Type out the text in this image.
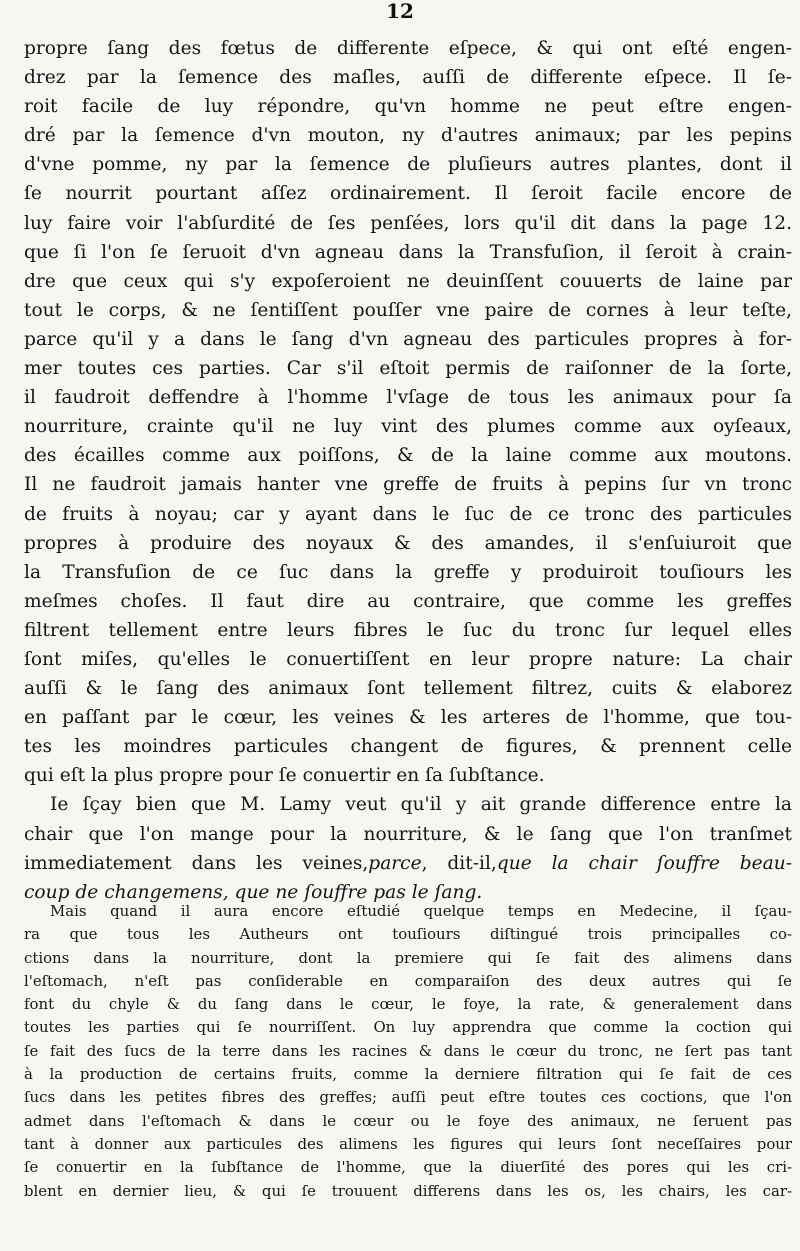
12
propre ſang des fœtus de differente eſpece, & qui ont eſté engen-
drez par la ſemence des maſles, auſſi de differente eſpece. Il ſe-
roit facile de luy répondre, qu'vn homme ne peut eſtre engen-
dré par la ſemence d'vn mouton, ny d'autres animaux; par les pepins
d'vne pomme, ny par la ſemence de pluſieurs autres plantes, dont il
ſe nourrit pourtant aſſez ordinairement. Il ſeroit facile encore de
luy faire voir l'abſurdité de ſes penſées, lors qu'il dit dans la page 12.
que ſi l'on ſe ſeruoit d'vn agneau dans la Transfuſion, il ſeroit à crain-
dre que ceux qui s'y expoſeroient ne deuinſſent couuerts de laine par
tout le corps, & ne ſentiſſent pouſſer vne paire de cornes à leur teſte,
parce qu'il y a dans le ſang d'vn agneau des particules propres à for-
mer toutes ces parties. Car s'il eſtoit permis de raiſonner de la ſorte,
il faudroit deffendre à l'homme l'vſage de tous les animaux pour ſa
nourriture, crainte qu'il ne luy vint des plumes comme aux oyſeaux,
des écailles comme aux poiſſons, & de la laine comme aux moutons.
Il ne faudroit jamais hanter vne greffe de fruits à pepins ſur vn tronc
de fruits à noyau; car y ayant dans le ſuc de ce tronc des particules
propres à produire des noyaux & des amandes, il s'enſuiuroit que
la Transfuſion de ce ſuc dans la greffe y produiroit touſiours les
meſmes choſes. Il faut dire au contraire, que comme les greffes
filtrent tellement entre leurs fibres le ſuc du tronc ſur lequel elles
ſont miſes, qu'elles le conuertiſſent en leur propre nature: La chair
auſſi & le ſang des animaux ſont tellement filtrez, cuits & elaborez
en paſſant par le cœur, les veines & les arteres de l'homme, que tou-
tes les moindres particules changent de figures, & prennent celle
qui eſt la plus propre pour ſe conuertir en ſa ſubſtance.
Ie ſçay bien que M. Lamy veut qu'il y ait grande difference entre la
chair que l'on mange pour la nourriture, & le ſang que l'on tranſmet
immediatement dans les veines,parce, dit-il,que la chair ſouffre beau-
coup de changemens, que ne ſouffre pas le ſang.
Mais quand il aura encore eſtudié quelque temps en Medecine, il ſçau-
ra que tous les Autheurs ont touſiours diſtingué trois principalles co-
ctions dans la nourriture, dont la premiere qui ſe fait des alimens dans
l'eſtomach, n'eſt pas conſiderable en comparaiſon des deux autres qui ſe
font du chyle & du ſang dans le cœur, le foye, la rate, & generalement dans
toutes les parties qui ſe nourriſſent. On luy apprendra que comme la coction qui
ſe fait des ſucs de la terre dans les racines & dans le cœur du tronc, ne ſert pas tant
à la production de certains fruits, comme la derniere filtration qui ſe fait de ces
ſucs dans les petites fibres des greffes; auſſi peut eſtre toutes ces coctions, que l'on
admet dans l'eſtomach & dans le cœur ou le foye des animaux, ne ſeruent pas
tant à donner aux particules des alimens les figures qui leurs ſont neceſſaires pour
ſe conuertir en la ſubſtance de l'homme, que la diuerſité des pores qui les cri-
blent en dernier lieu, & qui ſe trouuent differens dans les os, les chairs, les car-
